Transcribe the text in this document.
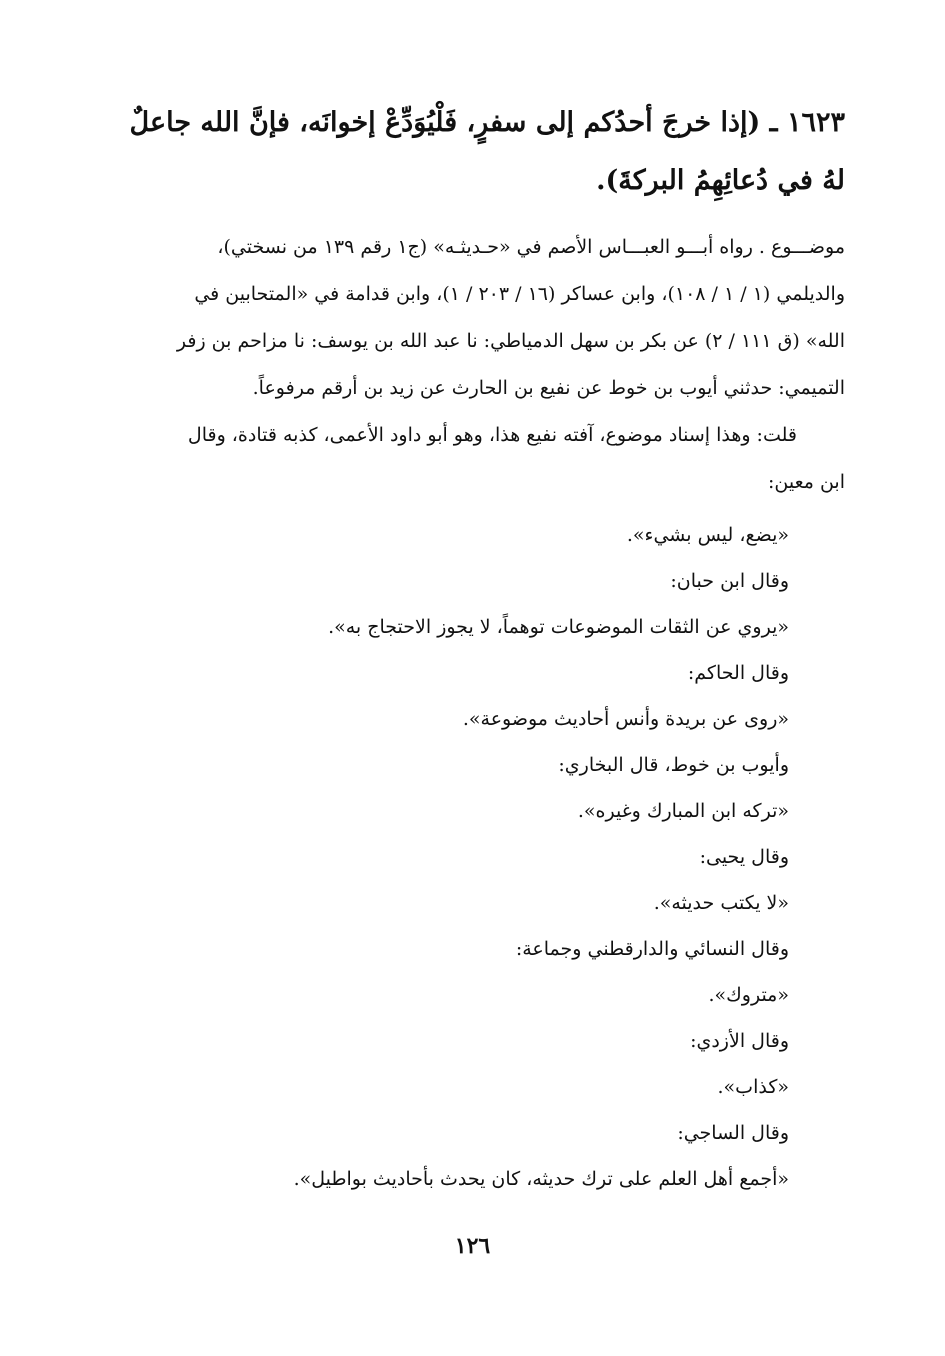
١٦٢٣ ـ (إذا خرجَ أحدُكم إلى سفرٍ، فَلْيُوَدِّعْ إخوانَه، فإنَّ الله جاعلٌ
لهُ في دُعائِهِمُ البركةَ).
موضـــوع . رواه أبـــو العبـــاس الأصم في «حـديثـه» (ج١ رقم ١٣٩ من نسختي)،
والديلمي (١ / ١ / ١٠٨)، وابن عساكر (١٦ / ٢٠٣ / ١)، وابن قدامة في «المتحابين في
الله» (ق ١١١ / ٢) عن بكر بن سهل الدمياطي: نا عبد الله بن يوسف: نا مزاحم بن زفر
التميمي: حدثني أيوب بن خوط عن نفيع بن الحارث عن زيد بن أرقم مرفوعاً.
قلت: وهذا إسناد موضوع، آفته نفيع هذا، وهو أبو داود الأعمى، كذبه قتادة، وقال
ابن معين:
«يضع، ليس بشيء».
وقال ابن حبان:
«يروي عن الثقات الموضوعات توهماً، لا يجوز الاحتجاج به».
وقال الحاكم:
«روى عن بريدة وأنس أحاديث موضوعة».
وأيوب بن خوط، قال البخاري:
«تركه ابن المبارك وغيره».
وقال يحيى:
«لا يكتب حديثه».
وقال النسائي والدارقطني وجماعة:
«متروك».
وقال الأزدي:
«كذاب».
وقال الساجي:
«أجمع أهل العلم على ترك حديثه، كان يحدث بأحاديث بواطيل».
١٢٦
